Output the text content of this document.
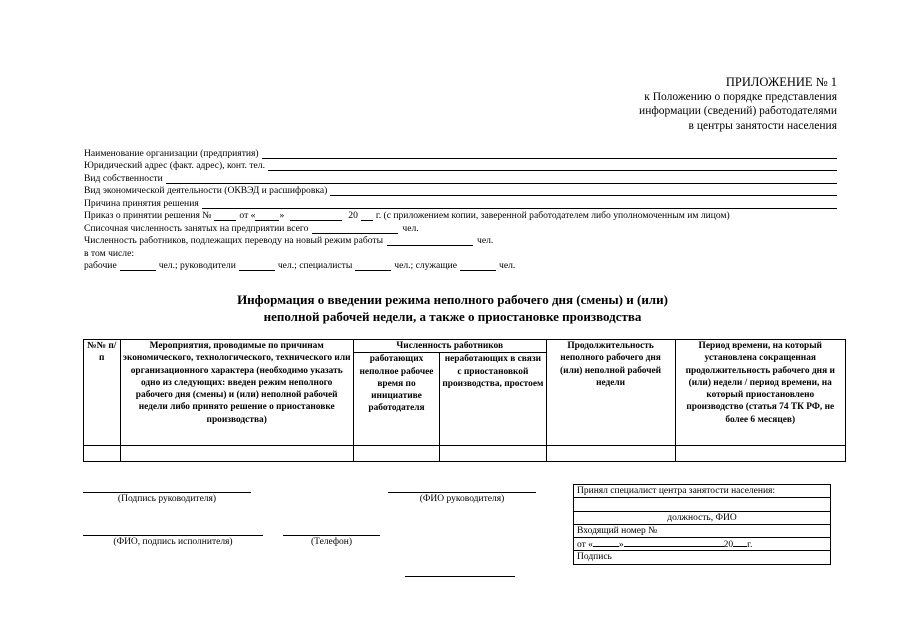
ПРИЛОЖЕНИЕ № 1
к Положению о порядке представления
информации (сведений) работодателями
в центры занятости населения
Наименование организации (предприятия)
Юридический адрес (факт. адрес), конт. тел.
Вид собственности
Вид экономической деятельности (ОКВЭД и расшифровка)
Причина принятия решения
Приказ о принятии решения №	от «	»	20 г. (с приложением копии, заверенной работодателем либо уполномоченным им лицом)
Списочная численность занятых на предприятии всего	чел.
Численность работников, подлежащих переводу на новый режим работы	чел.
в том числе:
рабочие	чел.; руководители	чел.; специалисты	чел.; служащие	чел.
Информация о введении режима неполного рабочего дня (смены) и (или)
неполной рабочей недели, а также о приостановке производства
№№ п/п	Мероприятия, проводимые по причинам экономического, технологического, технического или организационного характера (необходимо указать одно из следующих: введен режим неполного рабочего дня (смены) и (или) неполной рабочей недели либо принято решение о приостановке производства)	Численность работников		Продолжительность неполного рабочего дня (или) неполной рабочей недели	Период времени, на который установлена сокращенная продолжительность рабочего дня и (или) недели / период времени, на который приостановлено производство (статья 74 ТК РФ, не более 6 месяцев)
		работающих неполное рабочее время по инициативе работодателя	неработающих в связи с приостановкой производства, простоем		

(Подпись руководителя)	(ФИО руководителя)
(ФИО, подпись исполнителя)	(Телефон)
Принял специалист центра занятости населения:
должность, ФИО
Входящий номер №
от «	»	20 г.
Подпись
